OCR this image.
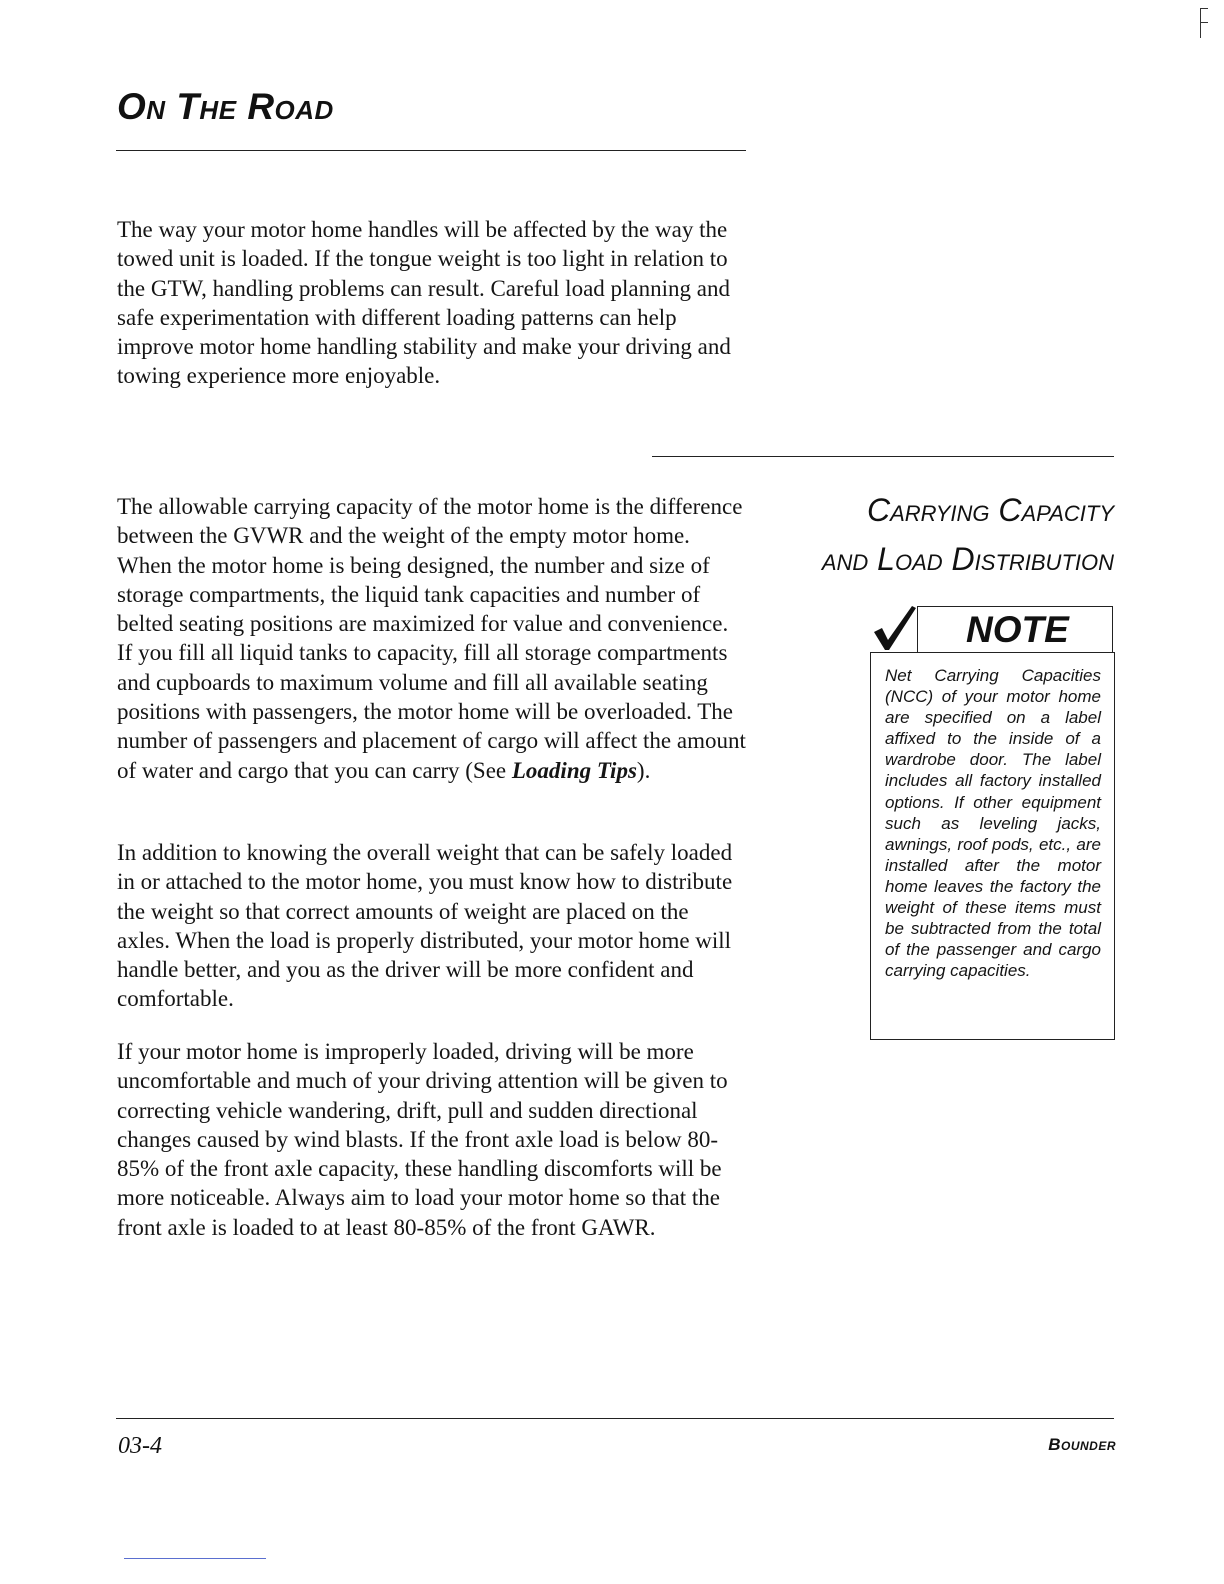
On The Road

The way your motor home handles will be affected by the way the towed unit is loaded. If the tongue weight is too light in relation to the GTW, handling problems can result. Careful load planning and safe experimentation with different loading patterns can help improve motor home handling stability and make your driving and towing experience more enjoyable.

Carrying Capacity
and Load Distribution

The allowable carrying capacity of the motor home is the difference between the GVWR and the weight of the empty motor home. When the motor home is being designed, the number and size of storage compartments, the liquid tank capacities and number of belted seating positions are maximized for value and convenience. If you fill all liquid tanks to capacity, fill all storage compartments and cupboards to maximum volume and fill all available seating positions with passengers, the motor home will be overloaded. The number of passengers and placement of cargo will affect the amount of water and cargo that you can carry (See Loading Tips).

In addition to knowing the overall weight that can be safely loaded in or attached to the motor home, you must know how to distribute the weight so that correct amounts of weight are placed on the axles. When the load is properly distributed, your motor home will handle better, and you as the driver will be more confident and comfortable.

If your motor home is improperly loaded, driving will be more uncomfortable and much of your driving attention will be given to correcting vehicle wandering, drift, pull and sudden directional changes caused by wind blasts. If the front axle load is below 80-85% of the front axle capacity, these handling discomforts will be more noticeable. Always aim to load your motor home so that the front axle is loaded to at least 80-85% of the front GAWR.

NOTE

Net Carrying Capacities (NCC) of your motor home are specified on a label affixed to the inside of a wardrobe door. The label includes all factory installed options. If other equipment such as leveling jacks, awnings, roof pods, etc., are installed after the motor home leaves the factory the weight of these items must be subtracted from the total of the passenger and cargo carrying capacities.

03-4	Bounder
